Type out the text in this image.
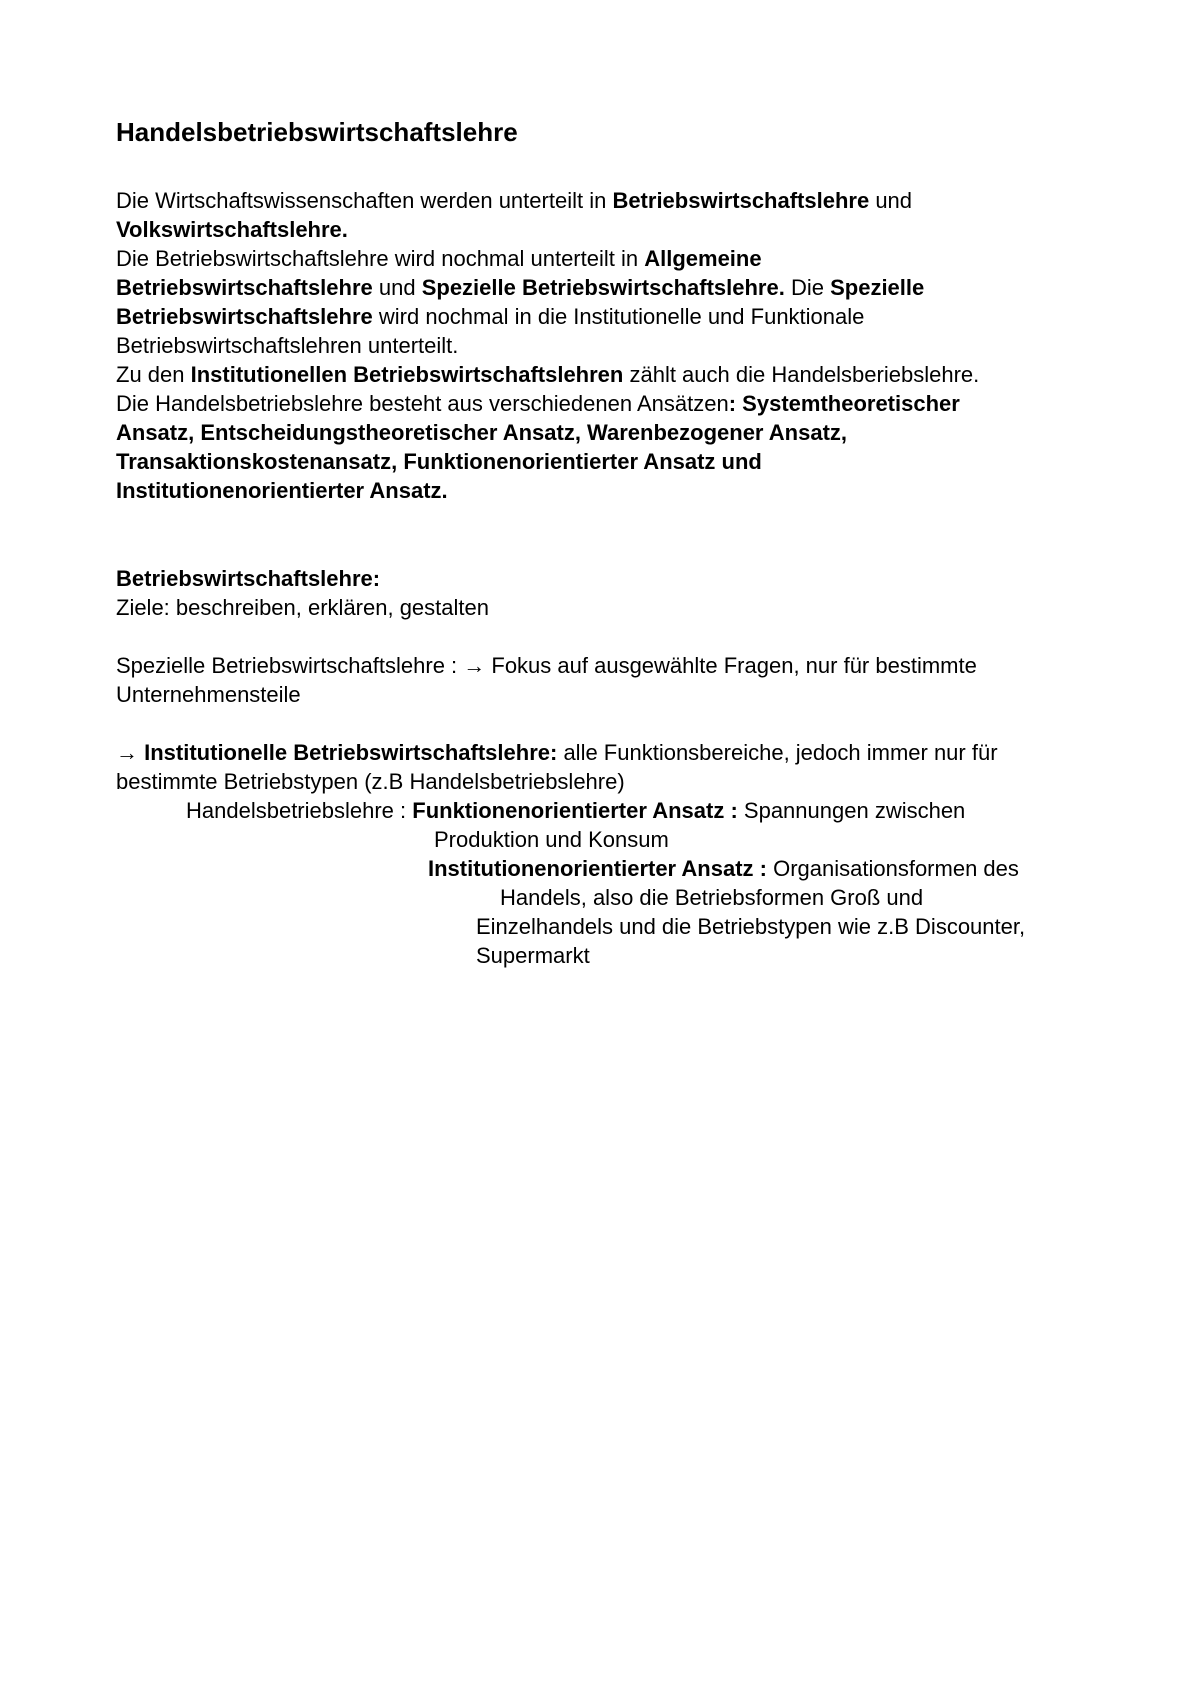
Handelsbetriebswirtschaftslehre
Die Wirtschaftswissenschaften werden unterteilt in Betriebswirtschaftslehre und
Volkswirtschaftslehre.
Die Betriebswirtschaftslehre wird nochmal unterteilt in Allgemeine
Betriebswirtschaftslehre und Spezielle Betriebswirtschaftslehre. Die Spezielle
Betriebswirtschaftslehre wird nochmal in die Institutionelle und Funktionale
Betriebswirtschaftslehren unterteilt.
Zu den Institutionellen Betriebswirtschaftslehren zählt auch die Handelsberiebslehre.
Die Handelsbetriebslehre besteht aus verschiedenen Ansätzen: Systemtheoretischer
Ansatz, Entscheidungstheoretischer Ansatz, Warenbezogener Ansatz,
Transaktionskostenansatz, Funktionenorientierter Ansatz und
Institutionenorientierter Ansatz.
Betriebswirtschaftslehre:
Ziele: beschreiben, erklären, gestalten
Spezielle Betriebswirtschaftslehre : → Fokus auf ausgewählte Fragen, nur für bestimmte
Unternehmensteile
→ Institutionelle Betriebswirtschaftslehre: alle Funktionsbereiche, jedoch immer nur für
bestimmte Betriebstypen (z.B Handelsbetriebslehre)
Handelsbetriebslehre : Funktionenorientierter Ansatz : Spannungen zwischen
Produktion und Konsum
Institutionenorientierter Ansatz : Organisationsformen des
Handels, also die Betriebsformen Groß und
Einzelhandels und die Betriebstypen wie z.B Discounter,
Supermarkt
